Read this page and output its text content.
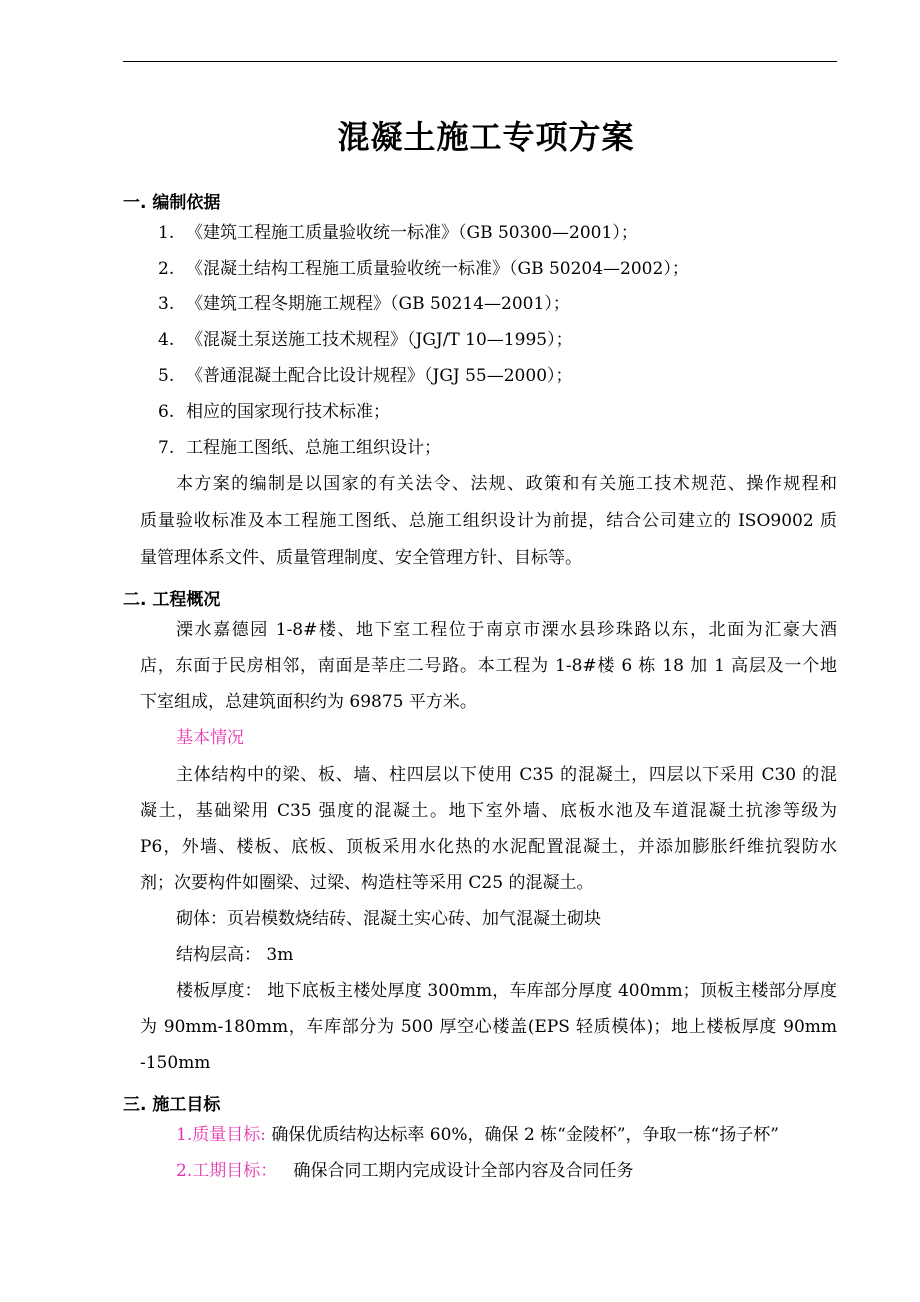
混凝土施工专项方案
一. 编制依据
1. 《建筑工程施工质量验收统一标准》（GB 50300—2001）；
2. 《混凝土结构工程施工质量验收统一标准》（GB 50204—2002）；
3. 《建筑工程冬期施工规程》（GB 50214—2001）；
4. 《混凝土泵送施工技术规程》（JGJ/T 10—1995）；
5. 《普通混凝土配合比设计规程》（JGJ 55—2000）；
6. 相应的国家现行技术标准；
7. 工程施工图纸、总施工组织设计；
本方案的编制是以国家的有关法令、法规、政策和有关施工技术规范、操作规程和
质量验收标准及本工程施工图纸、总施工组织设计为前提，结合公司建立的 ISO9002 质
量管理体系文件、质量管理制度、安全管理方针、目标等。
二. 工程概况
溧水嘉德园 1-8#楼、地下室工程位于南京市溧水县珍珠路以东，北面为汇豪大酒
店，东面于民房相邻，南面是莘庄二号路。本工程为 1-8#楼 6 栋 18 加 1 高层及一个地
下室组成，总建筑面积约为 69875 平方米。
基本情况
主体结构中的梁、板、墙、柱四层以下使用 C35 的混凝土，四层以下采用 C30 的混
凝土，基础梁用 C35 强度的混凝土。地下室外墙、底板水池及车道混凝土抗渗等级为
P6，外墙、楼板、底板、顶板采用水化热的水泥配置混凝土，并添加膨胀纤维抗裂防水
剂；次要构件如圈梁、过梁、构造柱等采用 C25 的混凝土。
砌体：页岩模数烧结砖、混凝土实心砖、加气混凝土砌块
结构层高： 3m
楼板厚度： 地下底板主楼处厚度 300mm，车库部分厚度 400mm；顶板主楼部分厚度
为 90mm-180mm，车库部分为 500 厚空心楼盖(EPS 轻质模体)；地上楼板厚度 90mm
-150mm
三. 施工目标
1.质量目标: 确保优质结构达标率 60%，确保 2 栋“金陵杯”，争取一栋“扬子杯”
2.工期目标：   确保合同工期内完成设计全部内容及合同任务
